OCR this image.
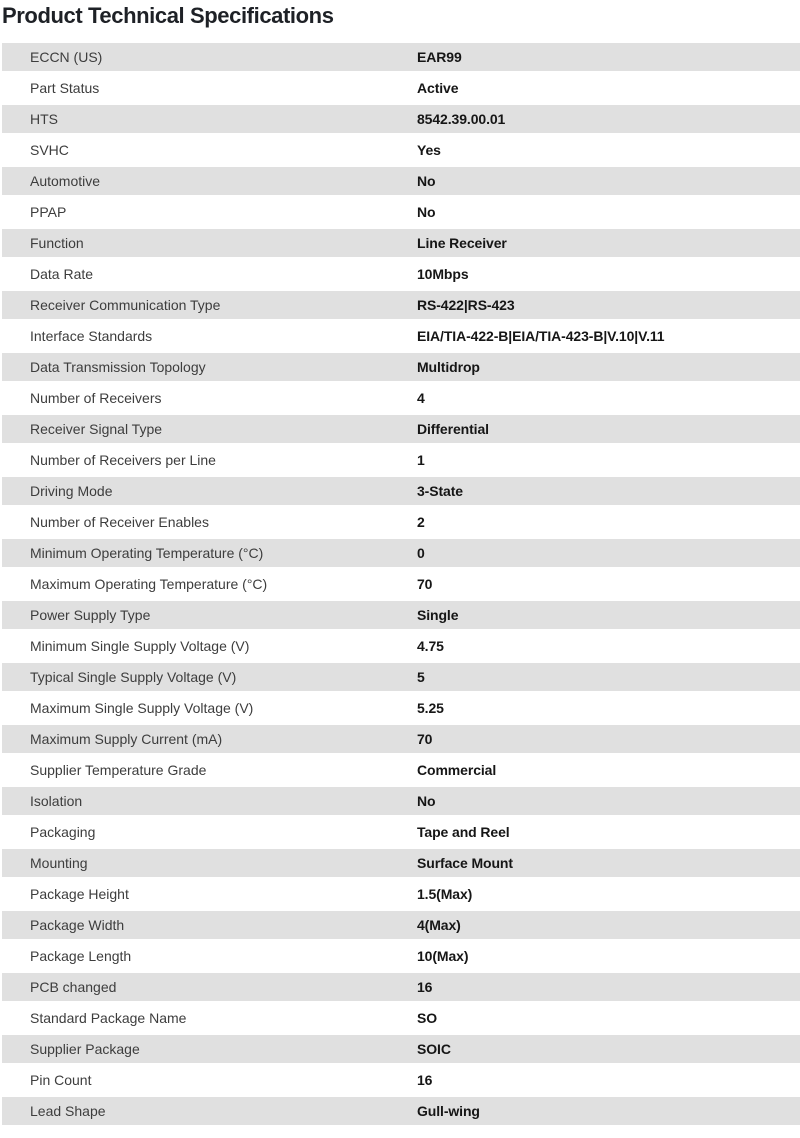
Product Technical Specifications
ECCN (US)	EAR99
Part Status	Active
HTS	8542.39.00.01
SVHC	Yes
Automotive	No
PPAP	No
Function	Line Receiver
Data Rate	10Mbps
Receiver Communication Type	RS-422|RS-423
Interface Standards	EIA/TIA-422-B|EIA/TIA-423-B|V.10|V.11
Data Transmission Topology	Multidrop
Number of Receivers	4
Receiver Signal Type	Differential
Number of Receivers per Line	1
Driving Mode	3-State
Number of Receiver Enables	2
Minimum Operating Temperature (°C)	0
Maximum Operating Temperature (°C)	70
Power Supply Type	Single
Minimum Single Supply Voltage (V)	4.75
Typical Single Supply Voltage (V)	5
Maximum Single Supply Voltage (V)	5.25
Maximum Supply Current (mA)	70
Supplier Temperature Grade	Commercial
Isolation	No
Packaging	Tape and Reel
Mounting	Surface Mount
Package Height	1.5(Max)
Package Width	4(Max)
Package Length	10(Max)
PCB changed	16
Standard Package Name	SO
Supplier Package	SOIC
Pin Count	16
Lead Shape	Gull-wing
